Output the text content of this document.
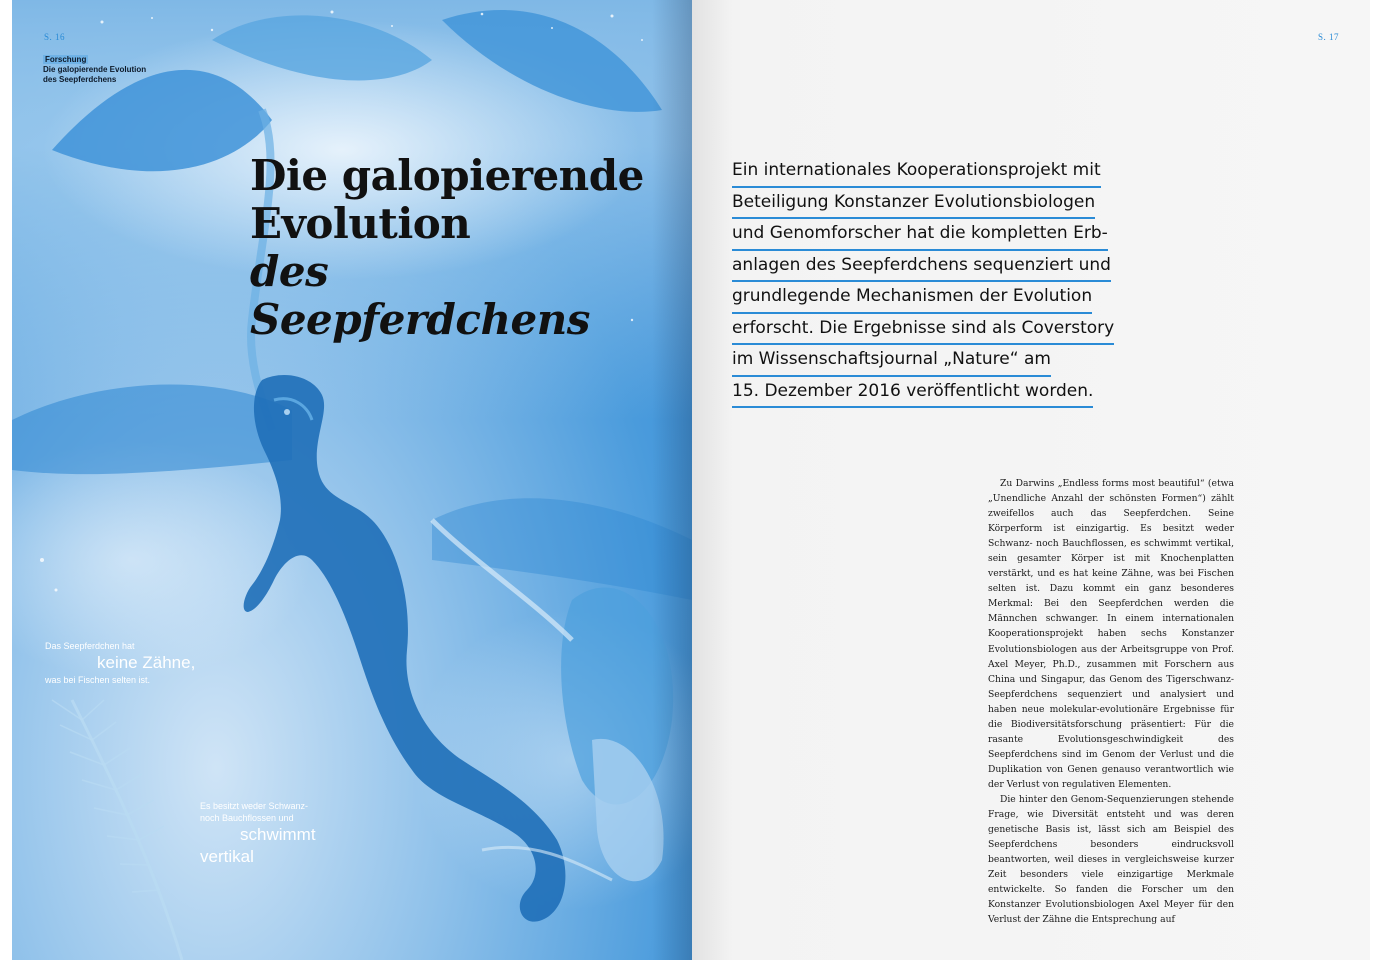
S. 16
Forschung
Die galopierende Evolution
des Seepferdchens
Die galopierende
Evolution
des Seepferdchens
Das Seepferdchen hat
keine Zähne,
was bei Fischen selten ist.
Es besitzt weder Schwanz-
noch Bauchflossen und
schwimmt
vertikal
S. 17
Ein internationales Kooperationsprojekt mit
Beteiligung Konstanzer Evolutionsbiologen
und Genomforscher hat die kompletten Erb-
anlagen des Seepferdchens sequenziert und
grundlegende Mechanismen der Evolution
erforscht. Die Ergebnisse sind als Coverstory
im Wissenschaftsjournal „Nature“ am
15. Dezember 2016 veröffentlicht worden.

Zu Darwins „Endless forms most beautiful“ (etwa „Unendliche Anzahl der schönsten Formen“) zählt zweifellos auch das Seepferdchen. Seine Körperform ist einzigartig. Es besitzt weder Schwanz- noch Bauchflossen, es schwimmt vertikal, sein gesamter Körper ist mit Knochenplatten verstärkt, und es hat keine Zähne, was bei Fischen selten ist. Dazu kommt ein ganz besonderes Merkmal: Bei den Seepferdchen werden die Männchen schwanger. In einem internationalen Kooperationsprojekt haben sechs Konstanzer Evolutionsbiologen aus der Arbeitsgruppe von Prof. Axel Meyer, Ph.D., zusammen mit Forschern aus China und Singapur, das Genom des Tigerschwanz-Seepferdchens sequenziert und analysiert und haben neue molekular-evolutionäre Ergebnisse für die Biodiversitätsforschung präsentiert: Für die rasante Evolutionsgeschwindigkeit des Seepferdchens sind im Genom der Verlust und die Duplikation von Genen genauso verantwortlich wie der Verlust von regulativen Elementen.

Die hinter den Genom-Sequenzierungen stehende Frage, wie Diversität entsteht und was deren genetische Basis ist, lässt sich am Beispiel des Seepferdchens besonders eindrucksvoll beantworten, weil dieses in vergleichsweise kurzer Zeit besonders viele einzigartige Merkmale entwickelte. So fanden die Forscher um den Konstanzer Evolutionsbiologen Axel Meyer für den Verlust der Zähne die Entsprechung auf
